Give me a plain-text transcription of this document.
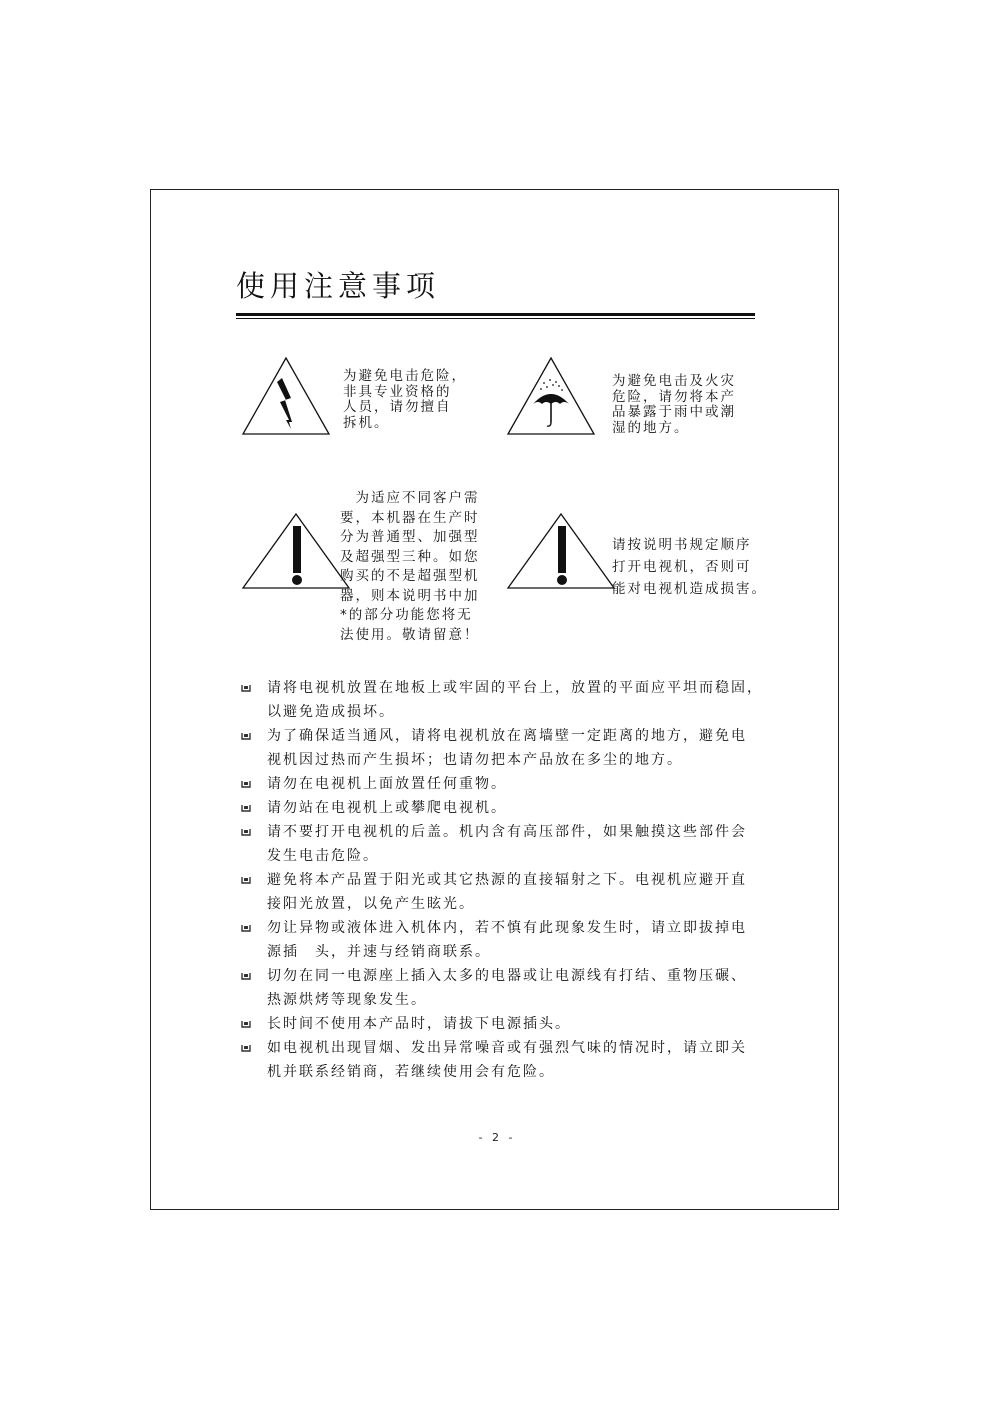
使用注意事项
为避免电击危险，
非具专业资格的
人员，请勿擅自
拆机。
为避免电击及火灾
危险，请勿将本产
品暴露于雨中或潮
湿的地方。
　为适应不同客户需
要，本机器在生产时
分为普通型、加强型
及超强型三种。如您
购买的不是超强型机
器，则本说明书中加
*的部分功能您将无
法使用。敬请留意！
请按说明书规定顺序
打开电视机，否则可
能对电视机造成损害。
请将电视机放置在地板上或牢固的平台上，放置的平面应平坦而稳固，
以避免造成损坏。
为了确保适当通风，请将电视机放在离墙壁一定距离的地方，避免电
视机因过热而产生损坏；也请勿把本产品放在多尘的地方。
请勿在电视机上面放置任何重物。
请勿站在电视机上或攀爬电视机。
请不要打开电视机的后盖。机内含有高压部件，如果触摸这些部件会
发生电击危险。
避免将本产品置于阳光或其它热源的直接辐射之下。电视机应避开直
接阳光放置，以免产生眩光。
勿让异物或液体进入机体内，若不慎有此现象发生时，请立即拔掉电
源插　头，并速与经销商联系。
切勿在同一电源座上插入太多的电器或让电源线有打结、重物压碾、
热源烘烤等现象发生。
长时间不使用本产品时，请拔下电源插头。
如电视机出现冒烟、发出异常噪音或有强烈气味的情况时，请立即关
机并联系经销商，若继续使用会有危险。
- 2 -
